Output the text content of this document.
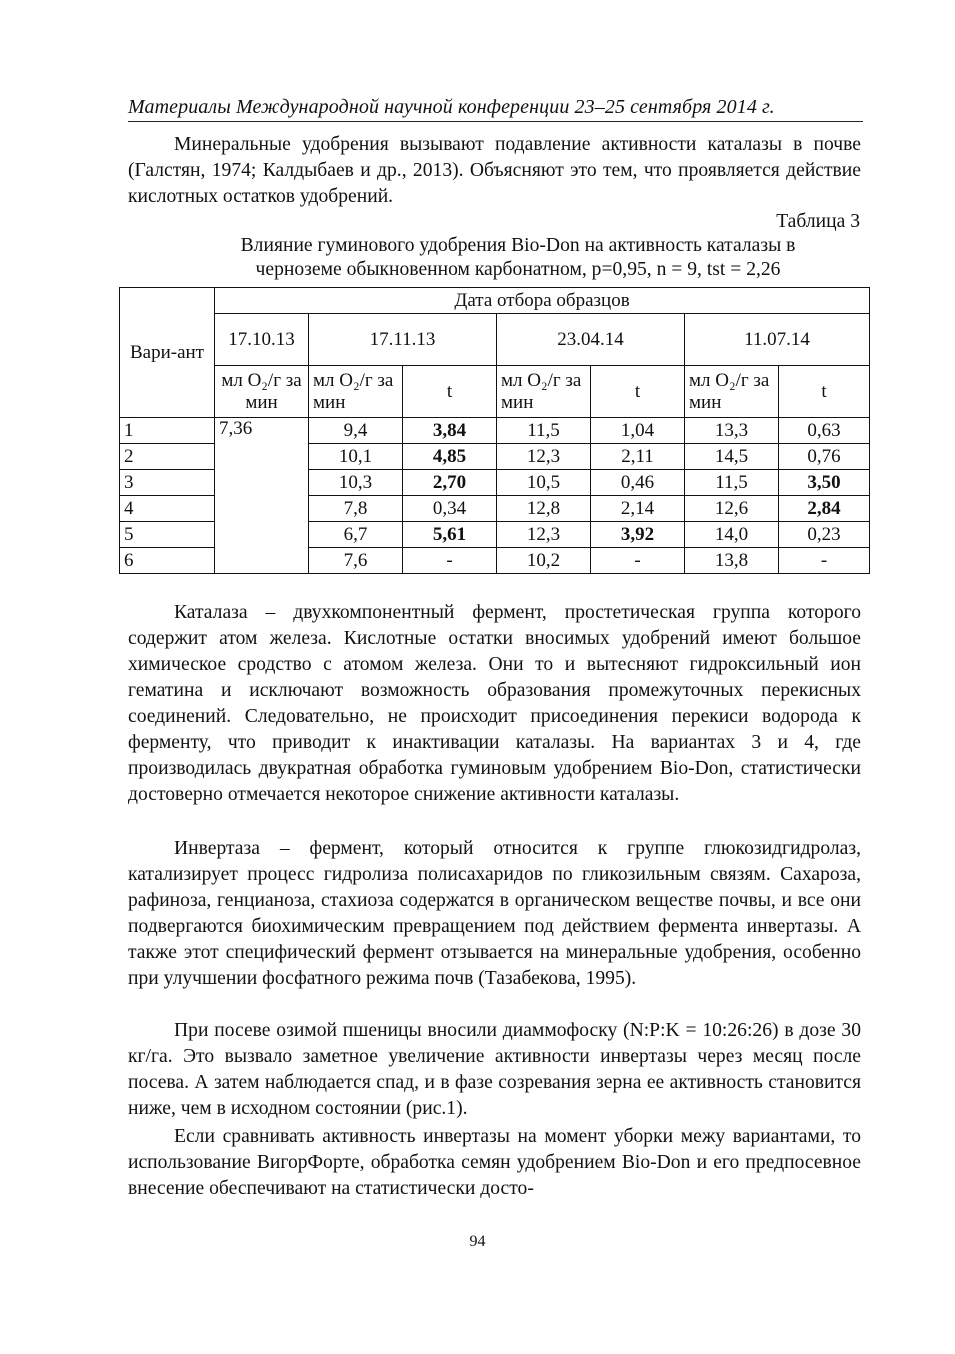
Материалы Международной научной конференции 23–25 сентября 2014 г.

Минеральные удобрения вызывают подавление активности каталазы в почве (Галстян, 1974; Калдыбаев и др., 2013). Объясняют это тем, что проявляется действие кислотных остатков удобрений.

Таблица 3
Влияние гуминового удобрения Bio-Don на активность каталазы в
черноземе обыкновенном карбонатном, p=0,95, n = 9, tst = 2,26
Вари-ант	Дата отбора образцов						
	17.10.13	17.11.13		23.04.14		11.07.14	
	мл O₂/г за мин	мл O₂/г за мин	t	мл O₂/г за мин	t	мл O₂/г за мин	t
1	7,36	9,4	3,84	11,5	1,04	13,3	0,63
2		10,1	4,85	12,3	2,11	14,5	0,76
3		10,3	2,70	10,5	0,46	11,5	3,50
4		7,8	0,34	12,8	2,14	12,6	2,84
5		6,7	5,61	12,3	3,92	14,0	0,23
6		7,6	-	10,2	-	13,8	-

Каталаза – двухкомпонентный фермент, простетическая группа которого содержит атом железа. Кислотные остатки вносимых удобрений имеют большое химическое сродство с атомом железа. Они то и вытесняют гидроксильный ион гематина и исключают возможность образования промежуточных перекисных соединений. Следовательно, не происходит присоединения перекиси водорода к ферменту, что приводит к инактивации каталазы. На вариантах 3 и 4, где производилась двукратная обработка гуминовым удобрением Bio-Don, статистически достоверно отмечается некоторое снижение активности каталазы.

Инвертаза – фермент, который относится к группе глюкозидгидролаз, катализирует процесс гидролиза полисахаридов по гликозильным связям. Сахароза, рафиноза, генцианоза, стахиоза содержатся в органическом веществе почвы, и все они подвергаются биохимическим превращением под действием фермента инвертазы. А также этот специфический фермент отзывается на минеральные удобрения, особенно при улучшении фосфатного режима почв (Тазабекова, 1995).

При посеве озимой пшеницы вносили диаммофоску (N:P:K = 10:26:26) в дозе 30 кг/га. Это вызвало заметное увеличение активности инвертазы через месяц после посева. А затем наблюдается спад, и в фазе созревания зерна ее активность становится ниже, чем в исходном состоянии (рис.1).

Если сравнивать активность инвертазы на момент уборки межу вариантами, то использование ВигорФорте, обработка семян удобрением Bio-Don и его предпосевное внесение обеспечивают на статистически досто-

94
